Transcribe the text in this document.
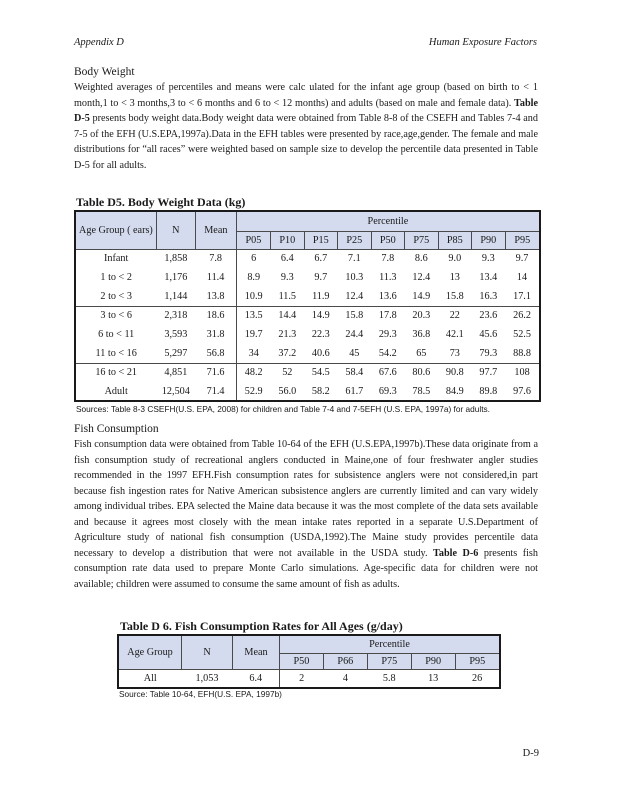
Appendix D	Human Exposure Factors
Body Weight
Weighted averages of percentiles and means were calc ulated for the infant age group (based on birth to < 1 month,1 to < 3 months,3 to < 6 months and 6 to < 12 months) and adults (based on male and female data). Table D-5 presents body weight data.Body weight data were obtained from Table 8-8 of the CSEFH and Tables 7-4 and 7-5 of the EFH (U.S.EPA,1997a).Data in the EFH tables were presented by race,age,gender. The female and male distributions for “all races” were weighted based on sample size to develop the percentile data presented in Table D-5 for all adults.
Table D5. Body Weight Data (kg)
Age Group ( ears)	N	Mean	Percentile								
			P05	P10	P15	P25	P50	P75	P85	P90	P95
Infant	1,858	7.8	6	6.4	6.7	7.1	7.8	8.6	9.0	9.3	9.7
1 to < 2	1,176	11.4	8.9	9.3	9.7	10.3	11.3	12.4	13	13.4	14
2 to < 3	1,144	13.8	10.9	11.5	11.9	12.4	13.6	14.9	15.8	16.3	17.1
3 to < 6	2,318	18.6	13.5	14.4	14.9	15.8	17.8	20.3	22	23.6	26.2
6 to < 11	3,593	31.8	19.7	21.3	22.3	24.4	29.3	36.8	42.1	45.6	52.5
11 to < 16	5,297	56.8	34	37.2	40.6	45	54.2	65	73	79.3	88.8
16 to < 21	4,851	71.6	48.2	52	54.5	58.4	67.6	80.6	90.8	97.7	108
Adult	12,504	71.4	52.9	56.0	58.2	61.7	69.3	78.5	84.9	89.8	97.6
Sources: Table 8-3 CSEFH(U.S. EPA, 2008) for children and Table 7-4 and 7-5EFH (U.S. EPA, 1997a) for adults.
Fish Consumption
Fish consumption data were obtained from Table 10-64 of the EFH (U.S.EPA,1997b).These data originate from a fish consumption study of recreational anglers conducted in Maine,one of four freshwater angler studies recommended in the 1997 EFH.Fish consumption rates for subsistence anglers were not considered,in part because fish ingestion rates for Native American subsistence anglers are currently limited and can vary widely among individual tribes. EPA selected the Maine data because it was the most complete of the data sets available and because it agrees most closely with the mean intake rates reported in a separate U.S.Department of Agriculture study of national fish consumption (USDA,1992).The Maine study provides percentile data necessary to develop a distribution that were not available in the USDA study. Table D-6 presents fish consumption rate data used to prepare Monte Carlo simulations. Age-specific data for children were not available; children were assumed to consume the same amount of fish as adults.
Table D 6. Fish Consumption Rates for All Ages (g/day)
Age Group	N	Mean	Percentile				
			P50	P66	P75	P90	P95
All	1,053	6.4	2	4	5.8	13	26
Source: Table 10-64, EFH(U.S. EPA, 1997b)
D-9
